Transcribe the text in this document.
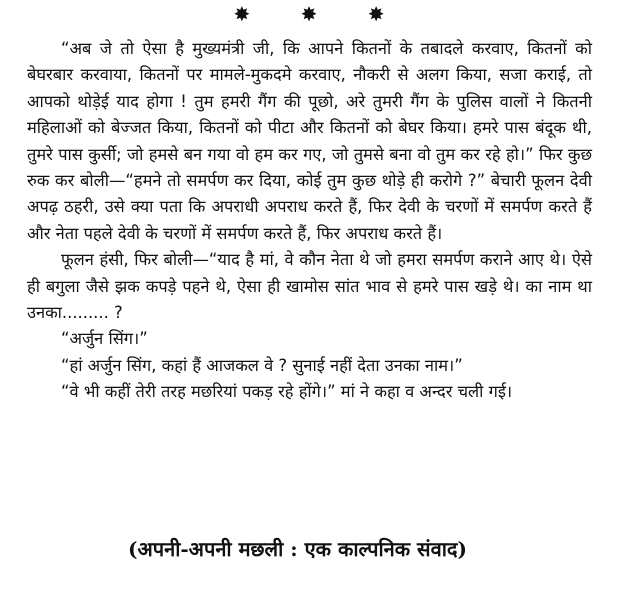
✸	✸	✸

“अब जे तो ऐसा है मुख्यमंत्री जी, कि आपने कितनों के तबादले करवाए, कितनों को बेघरबार करवाया, कितनों पर मामले-मुकदमे करवाए, नौकरी से अलग किया, सजा कराई, तो आपको थोड़ेई याद होगा ! तुम हमरी गैंग की पूछो, अरे तुमरी गैंग के पुलिस वालों ने कितनी महिलाओं को बेज्जत किया, कितनों को पीटा और कितनों को बेघर किया। हमरे पास बंदूक थी, तुमरे पास कुर्सी; जो हमसे बन गया वो हम कर गए, जो तुमसे बना वो तुम कर रहे हो।” फिर कुछ रुक कर बोली—“हमने तो समर्पण कर दिया, कोई तुम कुछ थोड़े ही करोगे ?” बेचारी फूलन देवी अपढ़ ठहरी, उसे क्या पता कि अपराधी अपराध करते हैं, फिर देवी के चरणों में समर्पण करते हैं और नेता पहले देवी के चरणों में समर्पण करते हैं, फिर अपराध करते हैं।

फूलन हंसी, फिर बोली—“याद है मां, वे कौन नेता थे जो हमरा समर्पण कराने आए थे। ऐसे ही बगुला जैसे झक कपड़े पहने थे, ऐसा ही खामोस सांत भाव से हमरे पास खड़े थे। का नाम था उनका......... ?

“अर्जुन सिंग।”

“हां अर्जुन सिंग, कहां हैं आजकल वे ? सुनाई नहीं देता उनका नाम।”

“वे भी कहीं तेरी तरह मछरियां पकड़ रहे होंगे।” मां ने कहा व अन्दर चली गई।

(अपनी-अपनी मछली : एक काल्पनिक संवाद)
